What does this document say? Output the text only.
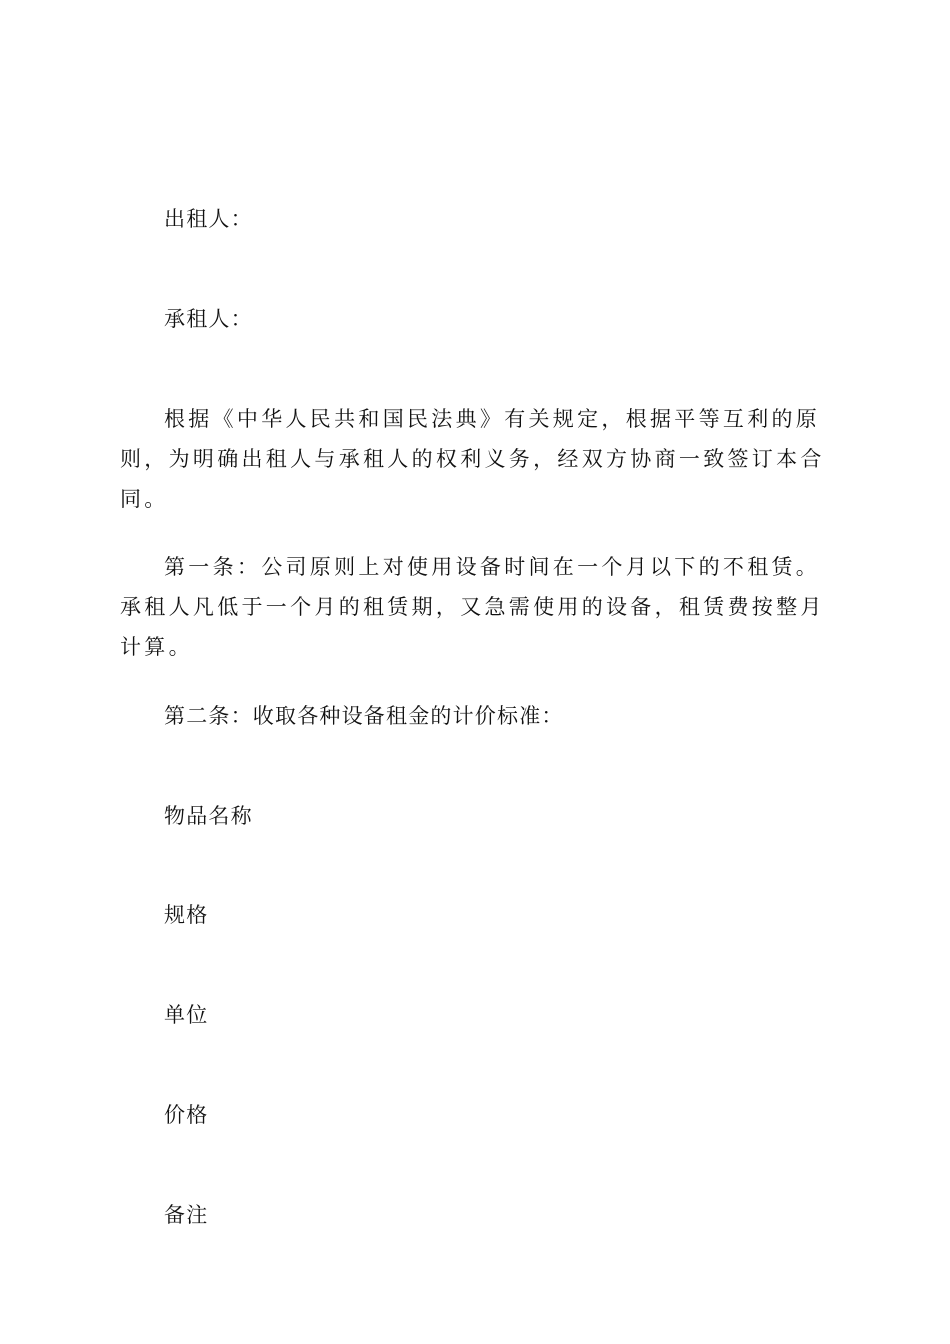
出租人：
承租人：
根据《中华人民共和国民法典》有关规定，根据平等互利的原则，为明确出租人与承租人的权利义务，经双方协商一致签订本合同。
第一条：公司原则上对使用设备时间在一个月以下的不租赁。承租人凡低于一个月的租赁期，又急需使用的设备，租赁费按整月计算。
第二条：收取各种设备租金的计价标准：
物品名称
规格
单位
价格
备注
